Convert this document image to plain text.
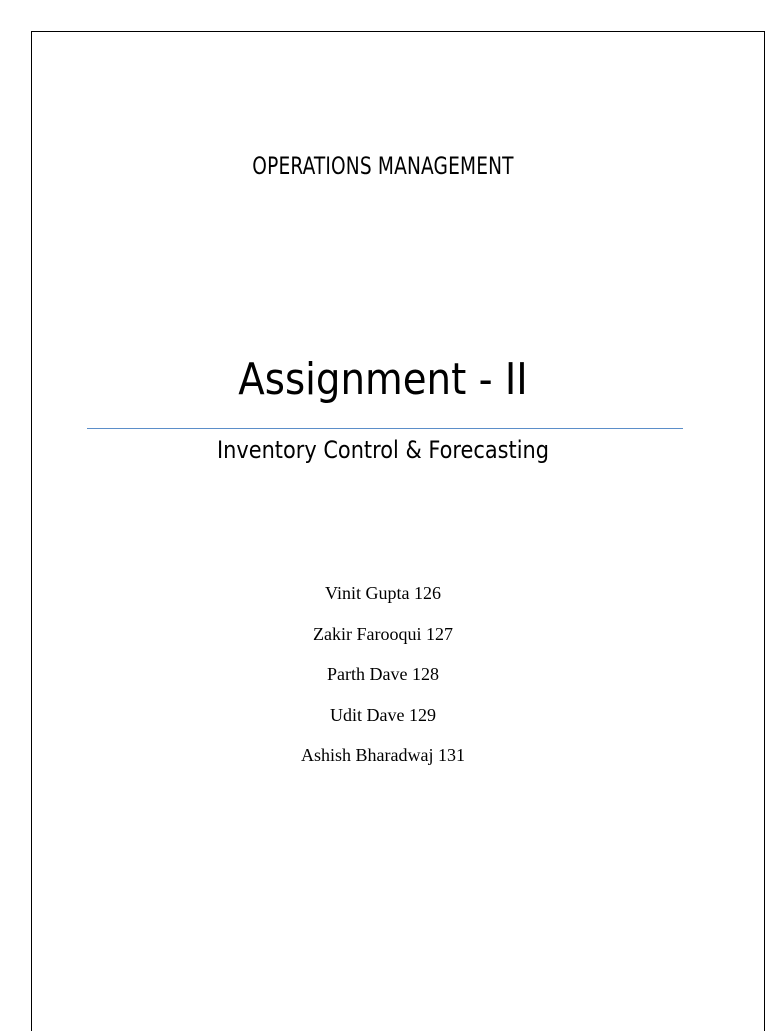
OPERATIONS MANAGEMENT
Assignment - II
Inventory Control & Forecasting
Vinit Gupta 126
Zakir Farooqui 127
Parth Dave 128
Udit Dave 129
Ashish Bharadwaj 131
